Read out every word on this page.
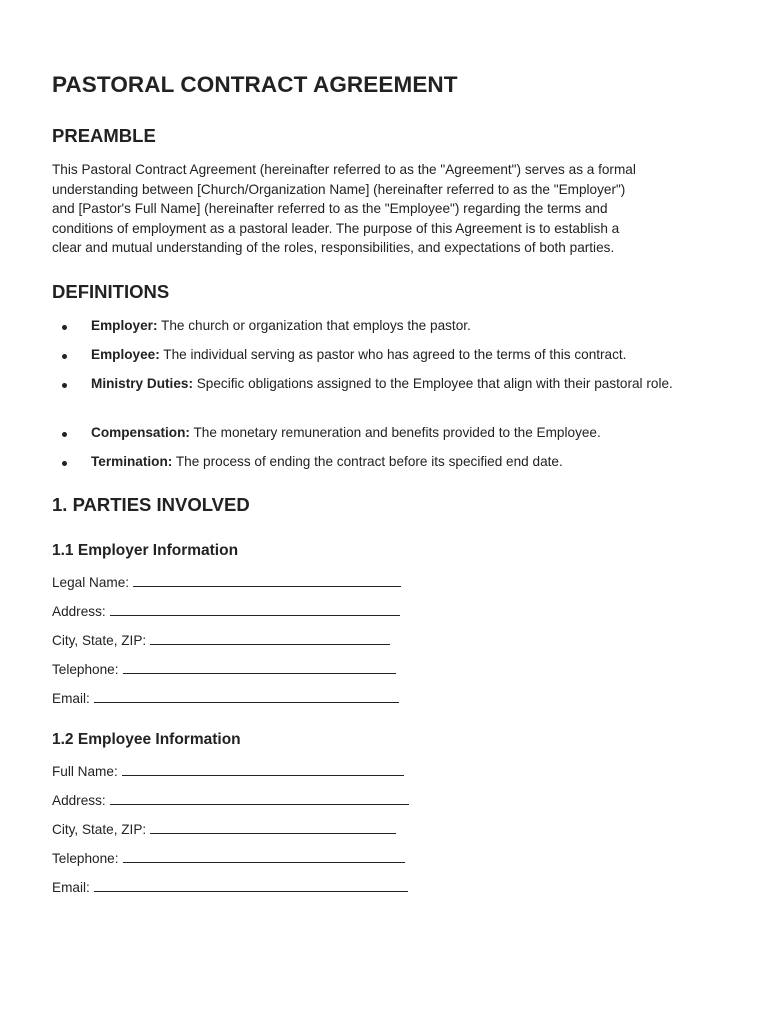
PASTORAL CONTRACT AGREEMENT
PREAMBLE

This Pastoral Contract Agreement (hereinafter referred to as the "Agreement") serves as a formal
understanding between [Church/Organization Name] (hereinafter referred to as the "Employer")
and [Pastor's Full Name] (hereinafter referred to as the "Employee") regarding the terms and
conditions of employment as a pastoral leader. The purpose of this Agreement is to establish a
clear and mutual understanding of the roles, responsibilities, and expectations of both parties.

DEFINITIONS

Employer: The church or organization that employs the pastor.

Employee: The individual serving as pastor who has agreed to the terms of this contract.

Ministry Duties: Specific obligations assigned to the Employee that align with their pastoral role.

Compensation: The monetary remuneration and benefits provided to the Employee.

Termination: The process of ending the contract before its specified end date.

1. PARTIES INVOLVED
1.1 Employer Information
Legal Name:
Address:
City, State, ZIP:
Telephone:
Email:
1.2 Employee Information
Full Name:
Address:
City, State, ZIP:
Telephone:
Email:
